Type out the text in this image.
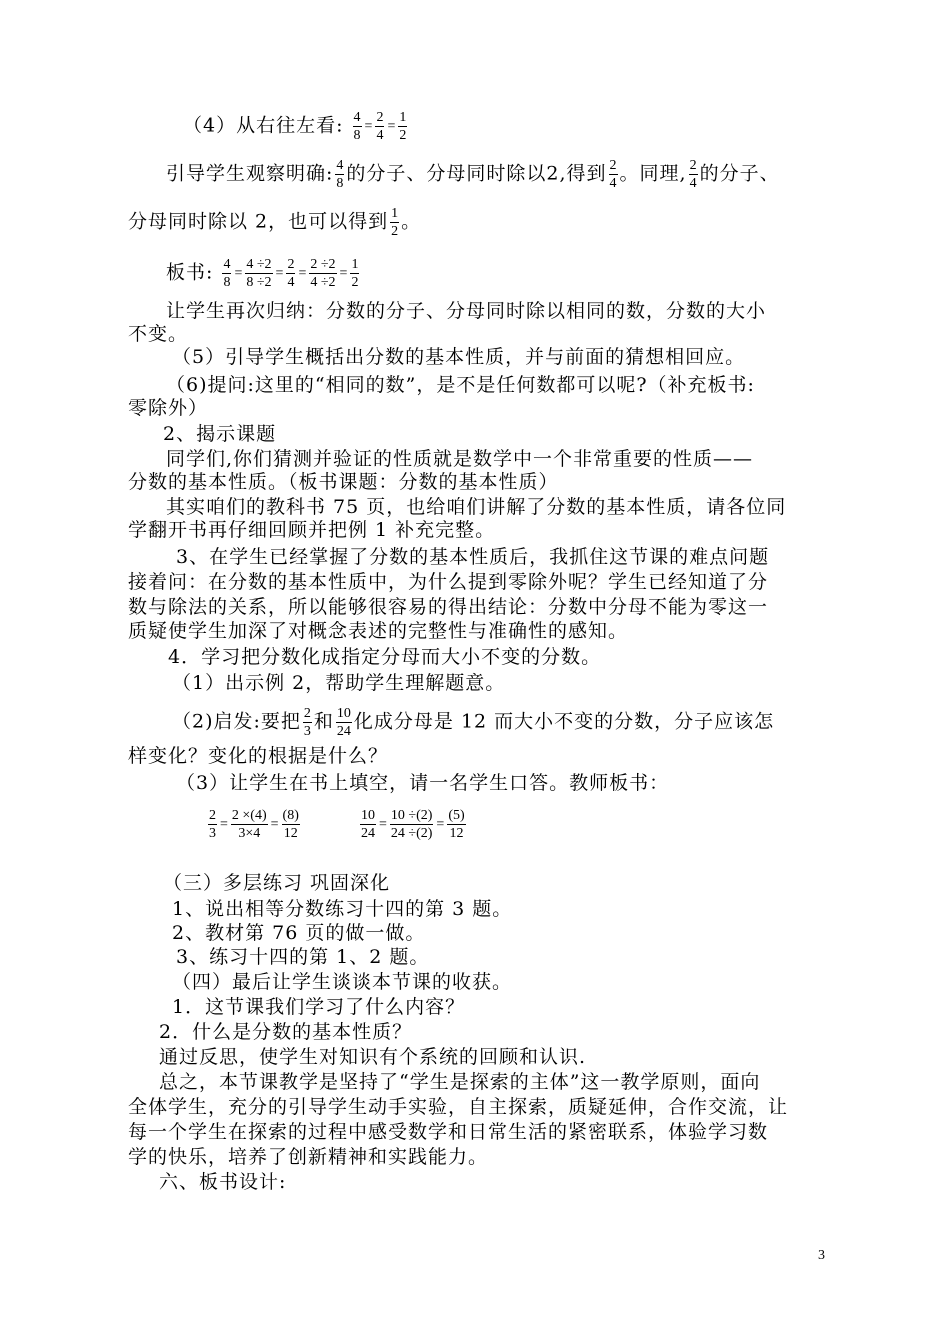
（4）从右往左看: $\frac{4}{8} = \frac{2}{4} = \frac{1}{2}$
引导学生观察明确: $\frac{4}{8}$ 的分子、分母同时除以2,得到 $\frac{2}{4}$ 。同理, $\frac{2}{4}$ 的分子、
分母同时除以 2，也可以得到 $\frac{1}{2}$ 。
板书: $\frac{4}{8} = \frac{4 \div 2}{8 \div 2} = \frac{2}{4} = \frac{2 \div 2}{4 \div 2} = \frac{1}{2}$
让学生再次归纳：分数的分子、分母同时除以相同的数，分数的大小
不变。
（5）引导学生概括出分数的基本性质，并与前面的猜想相回应。
（6)提问:这里的“相同的数”，是不是任何数都可以呢?（补充板书:
零除外）
2、揭示课题
同学们,你们猜测并验证的性质就是数学中一个非常重要的性质——
分数的基本性质。（板书课题：分数的基本性质）
其实咱们的教科书 75 页，也给咱们讲解了分数的基本性质，请各位同
学翻开书再仔细回顾并把例 1 补充完整。
3、在学生已经掌握了分数的基本性质后，我抓住这节课的难点问题
接着问：在分数的基本性质中，为什么提到零除外呢？学生已经知道了分
数与除法的关系，所以能够很容易的得出结论：分数中分母不能为零这一
质疑使学生加深了对概念表述的完整性与准确性的感知。
4．学习把分数化成指定分母而大小不变的分数。
（1）出示例 2，帮助学生理解题意。
（2)启发:要把 $\frac{2}{3}$ 和 $\frac{10}{24}$ 化成分母是 12 而大小不变的分数，分子应该怎
样变化？变化的根据是什么？
（3）让学生在书上填空，请一名学生口答。教师板书：
$\frac{2}{3} = \frac{2 \times(4)}{3\times 4} = \frac{(8)}{12}$	$\frac{10}{24} = \frac{10 \div(2)}{24 \div(2)} = \frac{(5)}{12}$
（三）多层练习 巩固深化
1、说出相等分数练习十四的第 3 题。
2、教材第 76 页的做一做。
3、练习十四的第 1、2 题。
（四）最后让学生谈谈本节课的收获。
1．这节课我们学习了什么内容？
2．什么是分数的基本性质？
通过反思，使学生对知识有个系统的回顾和认识.
总之，本节课教学是坚持了“学生是探索的主体”这一教学原则，面向
全体学生，充分的引导学生动手实验，自主探索，质疑延伸，合作交流，让
每一个学生在探索的过程中感受数学和日常生活的紧密联系，体验学习数
学的快乐，培养了创新精神和实践能力。
六、板书设计:
3
